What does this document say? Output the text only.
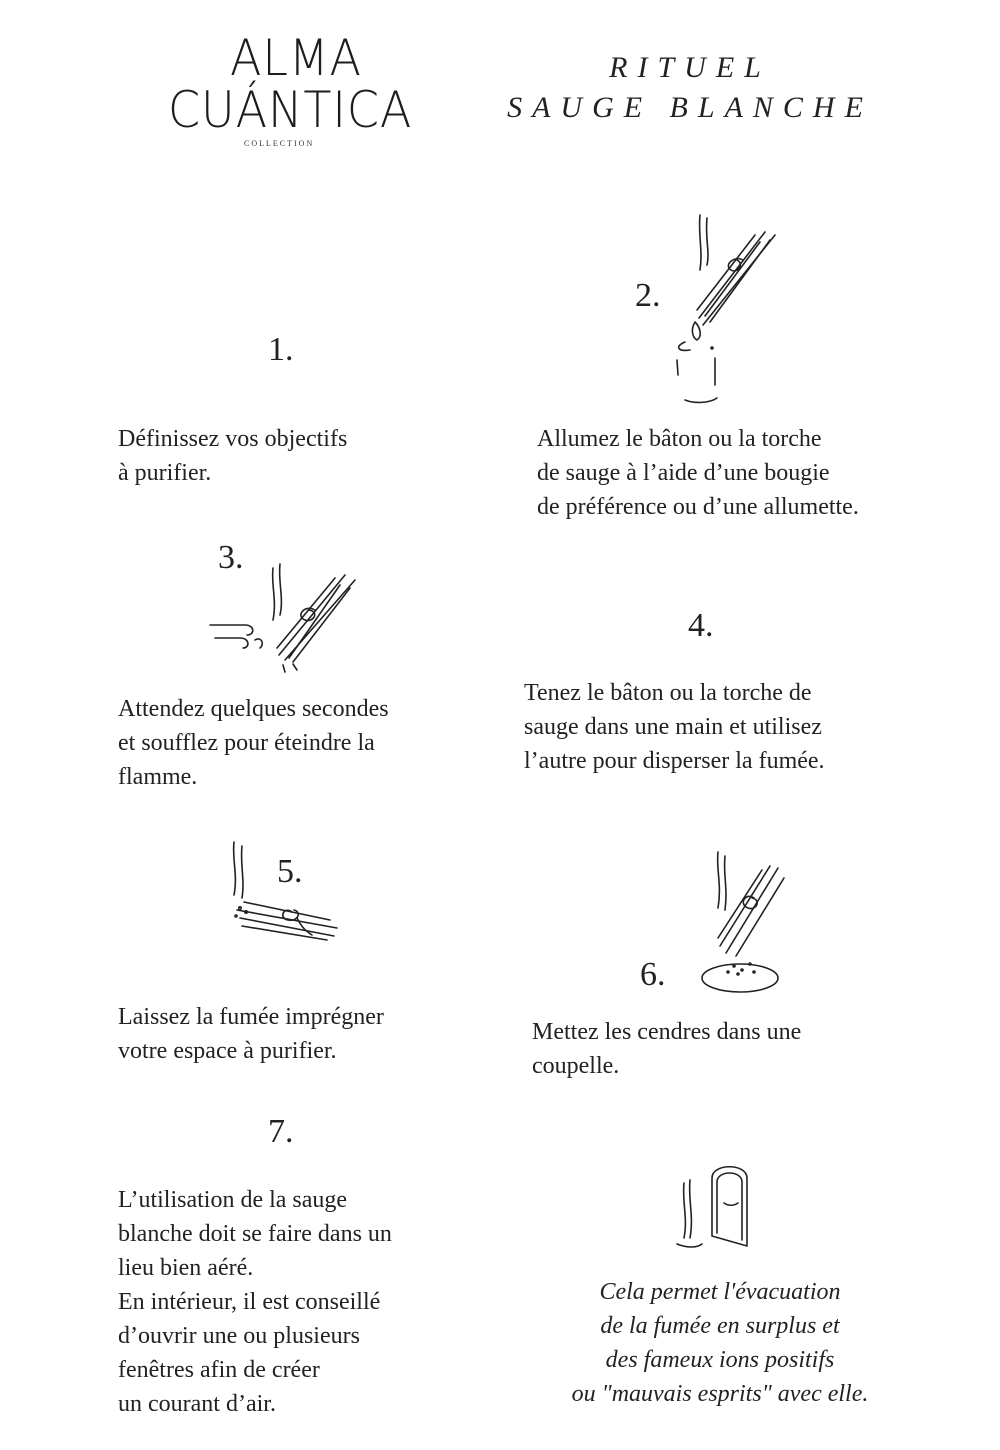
ALMA
CUÁNTICA
COLLECTION
RITUEL
SAUGE BLANCHE
1.
Définissez vos objectifs
à purifier.
2.
Allumez le bâton ou la torche
de sauge à l’aide d’une bougie
de préférence ou d’une allumette.
3.
Attendez quelques secondes
et soufflez pour éteindre la
flamme.
4.
Tenez le bâton ou la torche de
sauge dans une main et utilisez
l’autre pour disperser la fumée.
5.
Laissez la fumée imprégner
votre espace à purifier.
6.
Mettez les cendres dans une
coupelle.
7.
L’utilisation de la sauge
blanche doit se faire dans un
lieu bien aéré.
En intérieur, il est conseillé
d’ouvrir une ou plusieurs
fenêtres afin de créer
un courant d’air.
Cela permet l'évacuation
de la fumée en surplus et
des fameux ions positifs
ou "mauvais esprits" avec elle.
